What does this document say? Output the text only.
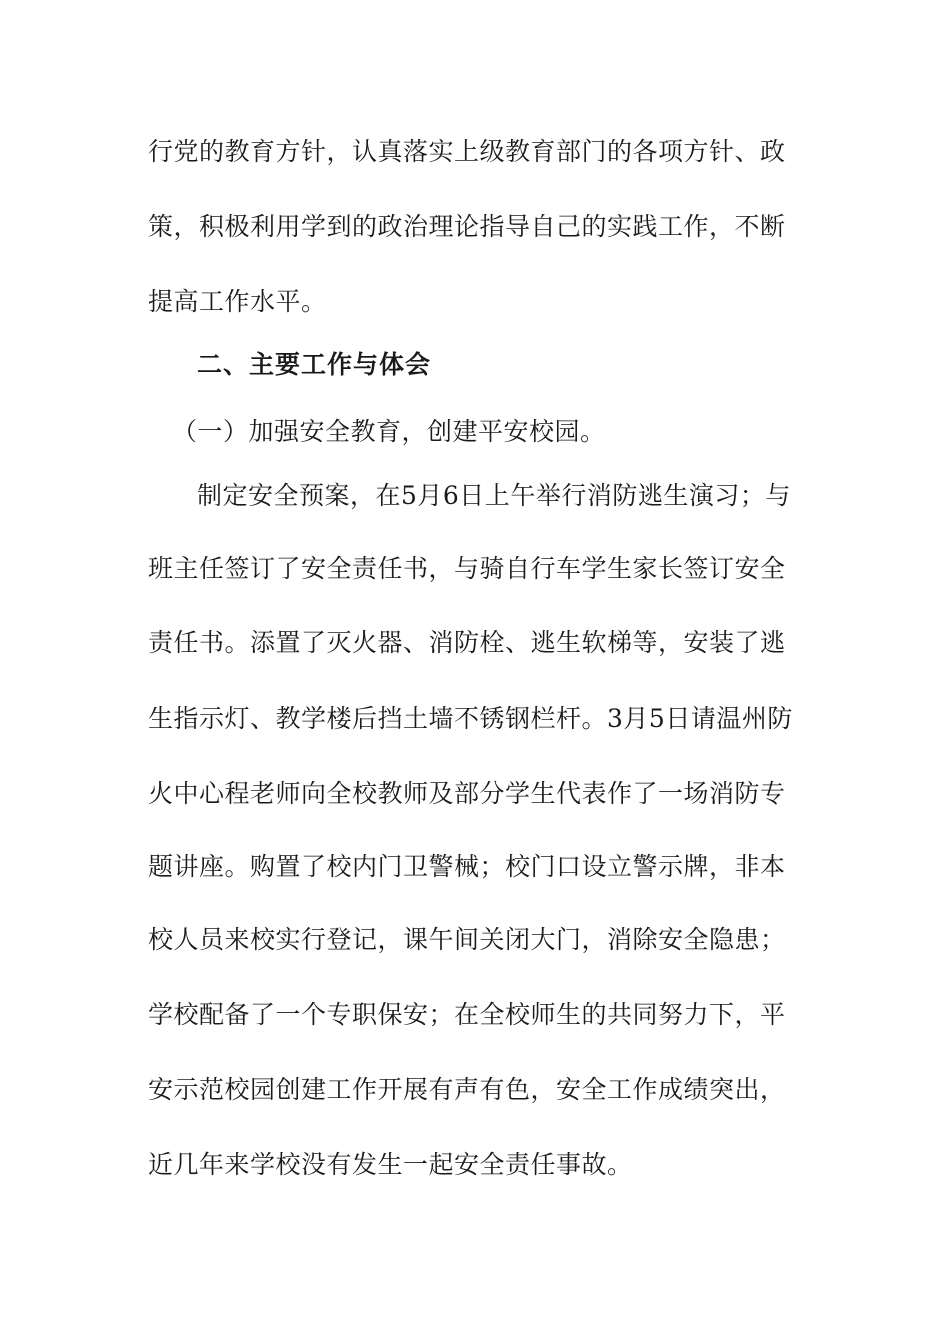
行党的教育方针，认真落实上级教育部门的各项方针、政
策，积极利用学到的政治理论指导自己的实践工作，不断
提高工作水平。
二、主要工作与体会
（一）加强安全教育，创建平安校园。
制定安全预案，在5月6日上午举行消防逃生演习；与
班主任签订了安全责任书，与骑自行车学生家长签订安全
责任书。添置了灭火器、消防栓、逃生软梯等，安装了逃
生指示灯、教学楼后挡土墙不锈钢栏杆。3月5日请温州防
火中心程老师向全校教师及部分学生代表作了一场消防专
题讲座。购置了校内门卫警械；校门口设立警示牌，非本
校人员来校实行登记，课午间关闭大门，消除安全隐患；
学校配备了一个专职保安；在全校师生的共同努力下，平
安示范校园创建工作开展有声有色，安全工作成绩突出，
近几年来学校没有发生一起安全责任事故。
